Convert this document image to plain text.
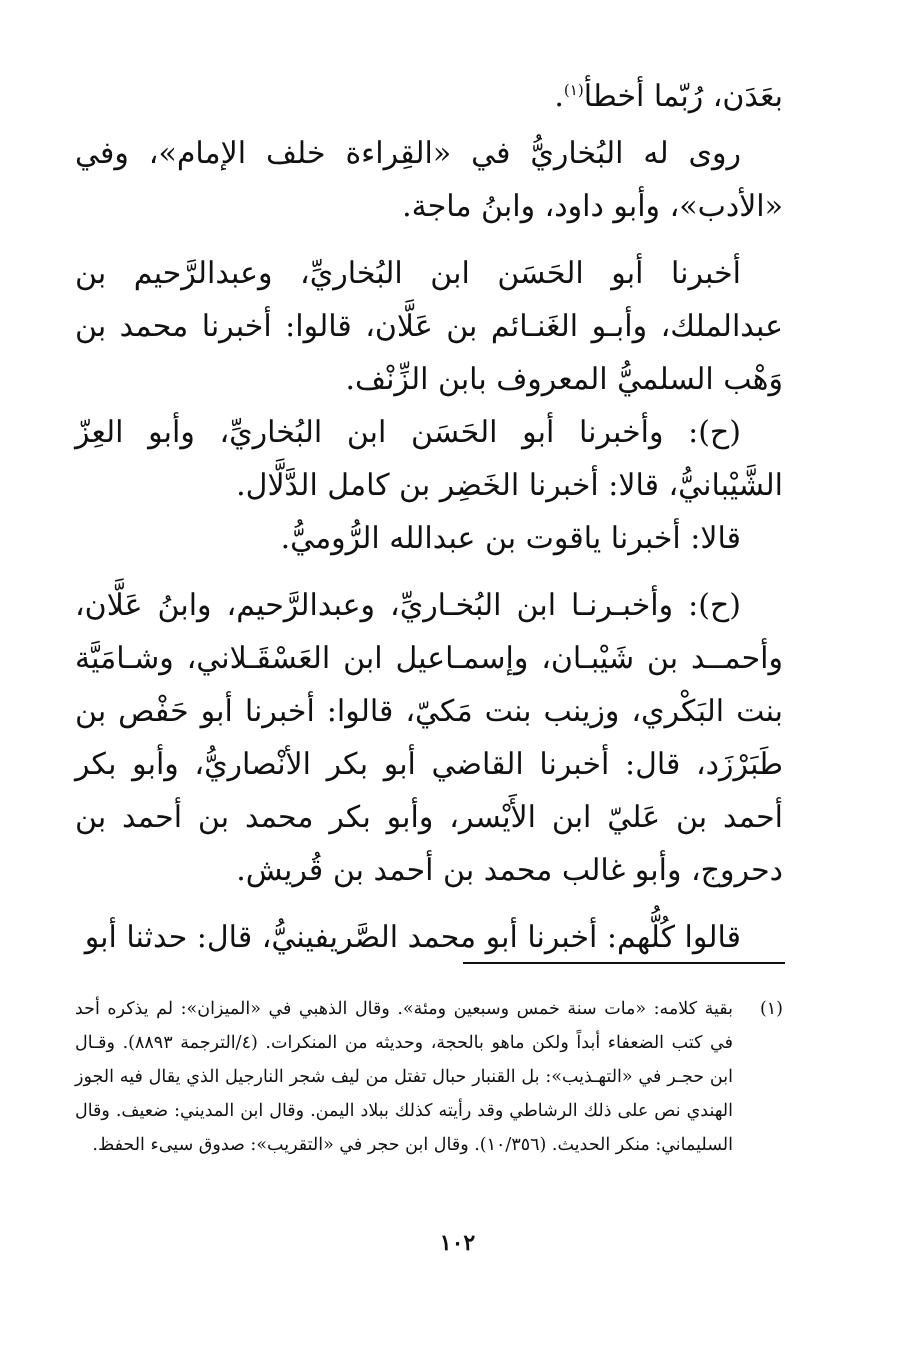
بعَدَن، رُبّما أخطأ$^{(١)}$.

روى له البُخاريُّ في «القِراءة خلف الإمام»، وفي «الأدب»، وأبو داود، وابنُ ماجة.

أخبرنا أبو الحَسَن ابن البُخاريِّ، وعبدالرَّحيم بن عبدالملك، وأبـو الغَنـائم بن عَلَّان، قالوا: أخبرنا محمد بن وَهْب السلميُّ المعروف بابن الزِّنْف.

(ح): وأخبرنا أبو الحَسَن ابن البُخاريِّ، وأبو العِزّ الشَّيْبانيُّ، قالا: أخبرنا الخَضِر بن كامل الدَّلَّال.

قالا: أخبرنا ياقوت بن عبدالله الرُّوميُّ.

(ح): وأخبـرنـا ابن البُخـاريِّ، وعبدالرَّحيم، وابنُ عَلَّان، وأحمــد بن شَيْبـان، وإسمـاعيل ابن العَسْقَـلاني، وشـامَيَّة بنت البَكْري، وزينب بنت مَكيّ، قالوا: أخبرنا أبو حَفْص بن طَبَرْزَد، قال: أخبرنا القاضي أبو بكر الأنْصاريُّ، وأبو بكر أحمد بن عَليّ ابن الأَيْسر، وأبو بكر محمد بن أحمد بن دحروج، وأبو غالب محمد بن أحمد بن قُريش.

قالوا كُلُّهم: أخبرنا أبو محمد الصَّريفينيُّ، قال: حدثنا أبو

(١)
بقية كلامه: «مات سنة خمس وسبعين ومئة». وقال الذهبي في «الميزان»: لم يذكره أحد في كتب الضعفاء أبداً ولكن ماهو بالحجة، وحديثه من المنكرات. (٤/الترجمة ٨٨٩٣). وقـال ابن حجـر في «التهـذيب»: بل القنبار حبال تفتل من ليف شجر النارجيل الذي يقال فيه الجوز الهندي نص على ذلك الرشاطي وقد رأيته كذلك ببلاد اليمن. وقال ابن المديني: ضعيف. وقال السليماني: منكر الحديث. (١٠/٣٥٦). وقال ابن حجر في «التقريب»: صدوق سيىء الحفظ.
١٠٢
